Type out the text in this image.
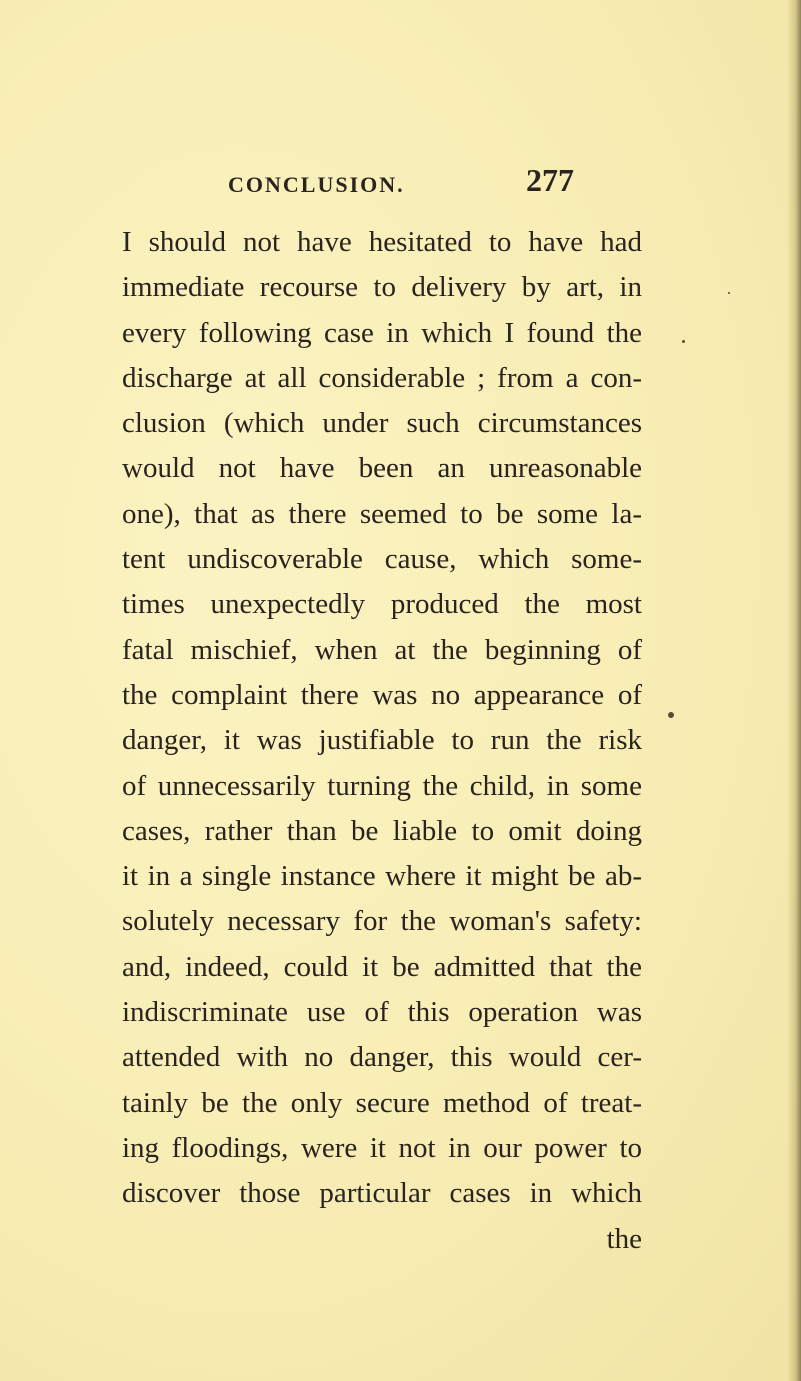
CONCLUSION.	277
I should not have hesitated to have had
immediate recourse to delivery by art, in
every following case in which I found the
discharge at all considerable ; from a con-
clusion (which under such circumstances
would not have been an unreasonable
one), that as there seemed to be some la-
tent undiscoverable cause, which some-
times unexpectedly produced the most
fatal mischief, when at the beginning of
the complaint there was no appearance of
danger, it was justifiable to run the risk
of unnecessarily turning the child, in some
cases, rather than be liable to omit doing
it in a single instance where it might be ab-
solutely necessary for the woman's safety:
and, indeed, could it be admitted that the
indiscriminate use of this operation was
attended with no danger, this would cer-
tainly be the only secure method of treat-
ing floodings, were it not in our power to
discover those particular cases in which
the
